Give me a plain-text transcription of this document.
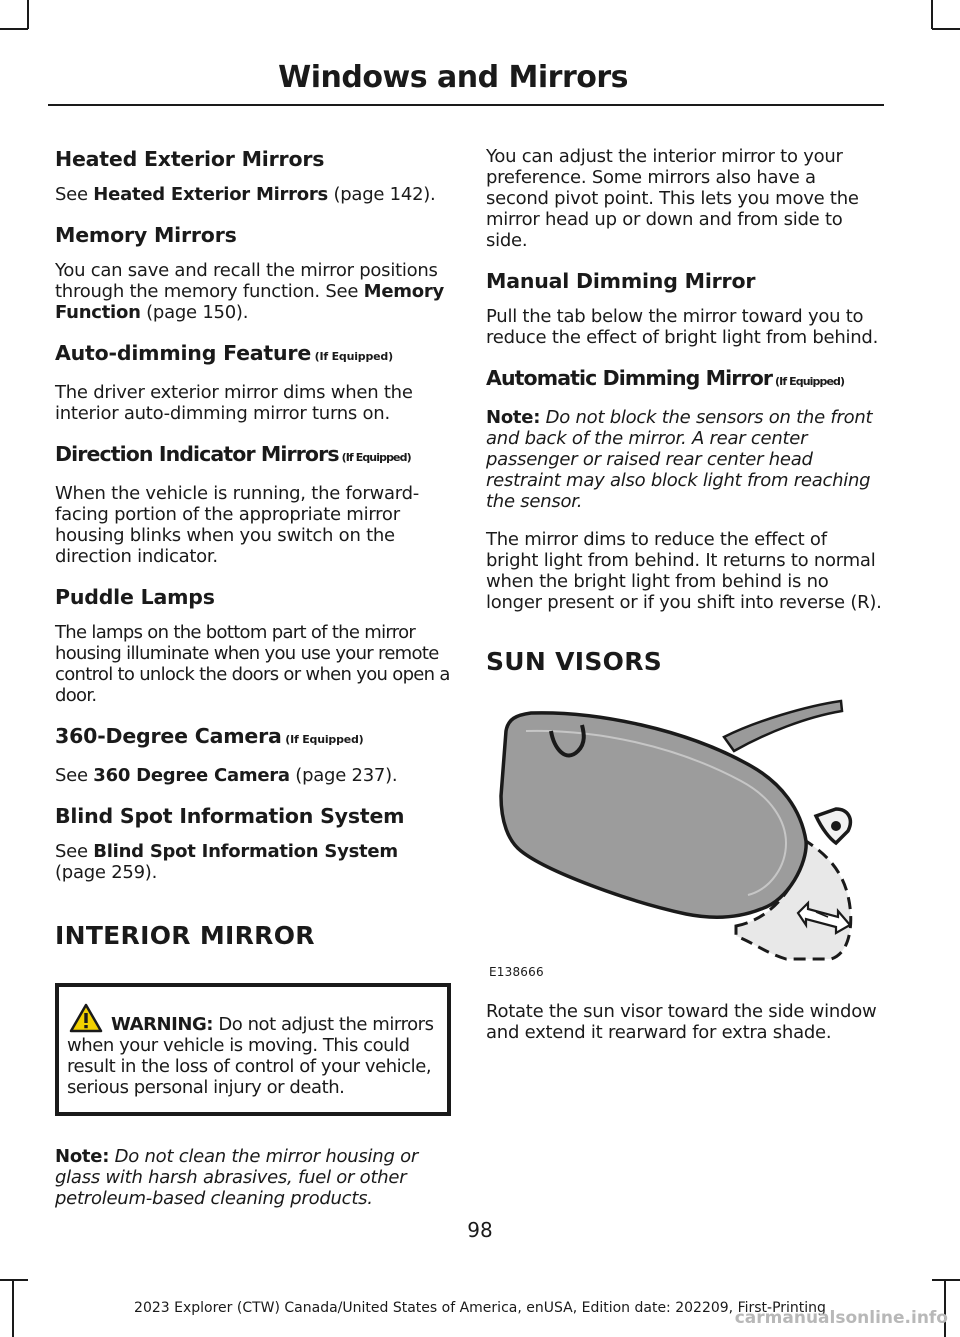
Windows and Mirrors
Heated Exterior Mirrors

See Heated Exterior Mirrors (page 142).

Memory Mirrors

You can save and recall the mirror positions through the memory function. See Memory Function (page 150).

Auto-dimming Feature (If Equipped)

The driver exterior mirror dims when the interior auto-dimming mirror turns on.

Direction Indicator Mirrors (If Equipped)

When the vehicle is running, the forward-facing portion of the appropriate mirror housing blinks when you switch on the direction indicator.

Puddle Lamps

The lamps on the bottom part of the mirror housing illuminate when you use your remote control to unlock the doors or when you open a door.

360-Degree Camera (If Equipped)

See 360 Degree Camera (page 237).

Blind Spot Information System

See Blind Spot Information System (page 259).

INTERIOR MIRROR

WARNING: Do not adjust the mirrors when your vehicle is moving. This could result in the loss of control of your vehicle, serious personal injury or death.

Note: Do not clean the mirror housing or glass with harsh abrasives, fuel or other petroleum-based cleaning products.

You can adjust the interior mirror to your preference. Some mirrors also have a second pivot point. This lets you move the mirror head up or down and from side to side.

Manual Dimming Mirror

Pull the tab below the mirror toward you to reduce the effect of bright light from behind.

Automatic Dimming Mirror (If Equipped)

Note: Do not block the sensors on the front and back of the mirror. A rear center passenger or raised rear center head restraint may also block light from reaching the sensor.

The mirror dims to reduce the effect of bright light from behind. It returns to normal when the bright light from behind is no longer present or if you shift into reverse (R).

SUN VISORS
E138666

Rotate the sun visor toward the side window and extend it rearward for extra shade.

98
2023 Explorer (CTW) Canada/United States of America, enUSA, Edition date: 202209, First-Printing
carmanualsonline.info
